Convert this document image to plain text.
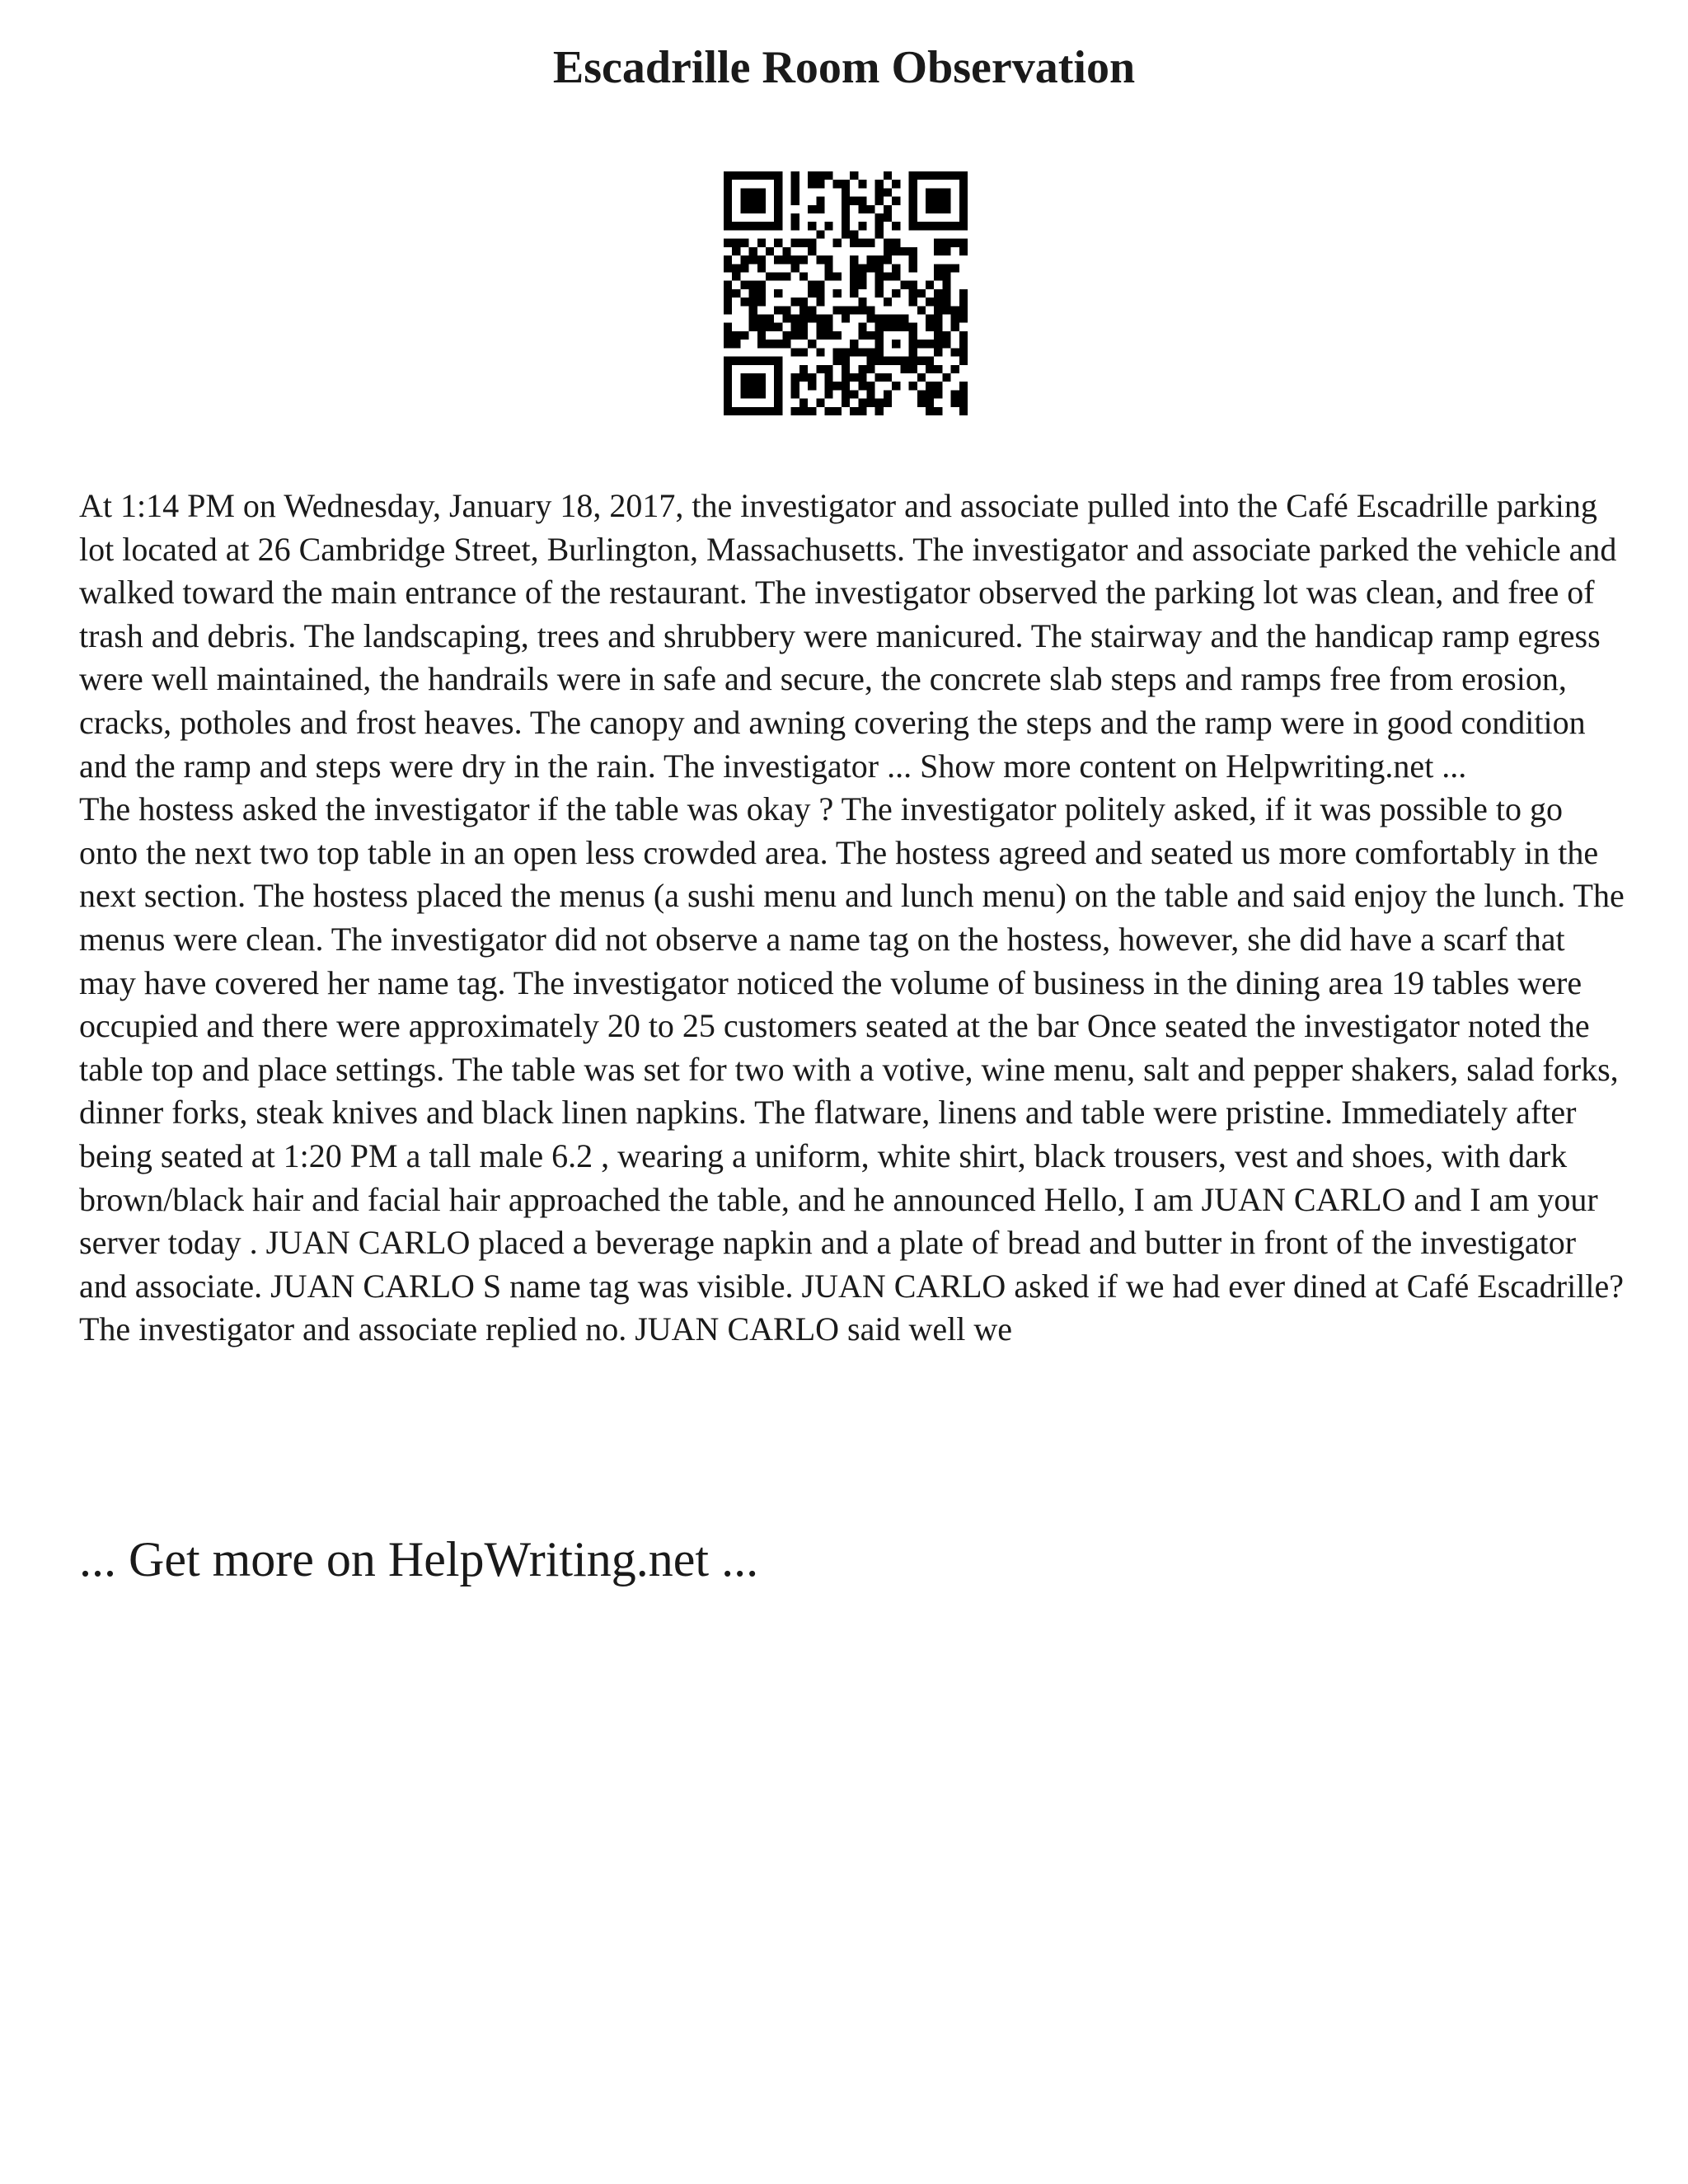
Escadrille Room Observation

At 1:14 PM on Wednesday, January 18, 2017, the investigator and associate pulled into the Café Escadrille parking lot located at 26 Cambridge Street, Burlington, Massachusetts. The investigator and associate parked the vehicle and walked toward the main entrance of the restaurant. The investigator observed the parking lot was clean, and free of trash and debris. The landscaping, trees and shrubbery were manicured. The stairway and the handicap ramp egress were well maintained, the handrails were in safe and secure, the concrete slab steps and ramps free from erosion, cracks, potholes and frost heaves. The canopy and awning covering the steps and the ramp were in good condition and the ramp and steps were dry in the rain. The investigator ... Show more content on Helpwriting.net ...

The hostess asked the investigator if the table was okay ? The investigator politely asked, if it was possible to go onto the next two top table in an open less crowded area. The hostess agreed and seated us more comfortably in the next section. The hostess placed the menus (a sushi menu and lunch menu) on the table and said enjoy the lunch. The menus were clean. The investigator did not observe a name tag on the hostess, however, she did have a scarf that may have covered her name tag. The investigator noticed the volume of business in the dining area 19 tables were occupied and there were approximately 20 to 25 customers seated at the bar Once seated the investigator noted the table top and place settings. The table was set for two with a votive, wine menu, salt and pepper shakers, salad forks, dinner forks, steak knives and black linen napkins. The flatware, linens and table were pristine. Immediately after being seated at 1:20 PM a tall male 6.2 , wearing a uniform, white shirt, black trousers, vest and shoes, with dark brown/black hair and facial hair approached the table, and he announced Hello, I am JUAN CARLO and I am your server today . JUAN CARLO placed a beverage napkin and a plate of bread and butter in front of the investigator and associate. JUAN CARLO S name tag was visible. JUAN CARLO asked if we had ever dined at Café Escadrille? The investigator and associate replied no. JUAN CARLO said well we

... Get more on HelpWriting.net ...
